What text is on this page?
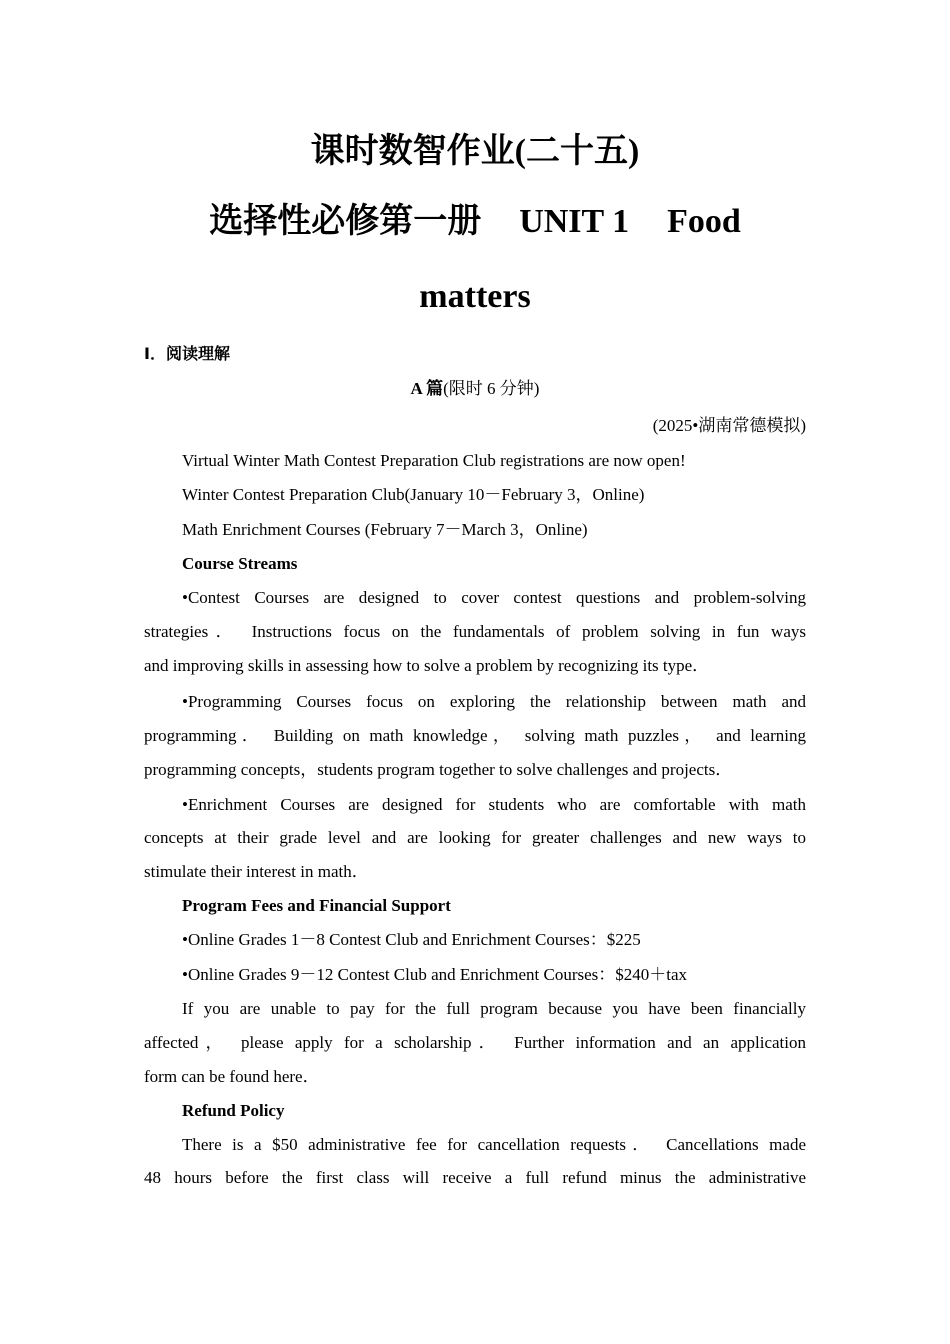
课时数智作业(二十五)
选择性必修第一册 UNIT 1 Food
matters
Ⅰ．阅读理解
A 篇(限时 6 分钟)
(2025•湖南常德模拟)
Virtual Winter Math Contest Preparation Club registrations are now open!
Winter Contest Preparation Club(January 10－February 3，Online)
Math Enrichment Courses (February 7－March 3，Online)
Course Streams
•Contest Courses are designed to cover contest questions and problem-solving
strategies． Instructions focus on the fundamentals of problem solving in fun ways
and improving skills in assessing how to solve a problem by recognizing its type．
•Programming Courses focus on exploring the relationship between math and
programming． Building on math knowledge， solving math puzzles， and learning
programming concepts，students program together to solve challenges and projects．
•Enrichment Courses are designed for students who are comfortable with math
concepts at their grade level and are looking for greater challenges and new ways to
stimulate their interest in math．
Program Fees and Financial Support
•Online Grades 1－8 Contest Club and Enrichment Courses：$225
•Online Grades 9－12 Contest Club and Enrichment Courses：$240＋tax
If you are unable to pay for the full program because you have been financially
affected， please apply for a scholarship． Further information and an application
form can be found here．
Refund Policy
There is a $50 administrative fee for cancellation requests． Cancellations made
48 hours before the first class will receive a full refund minus the administrative
